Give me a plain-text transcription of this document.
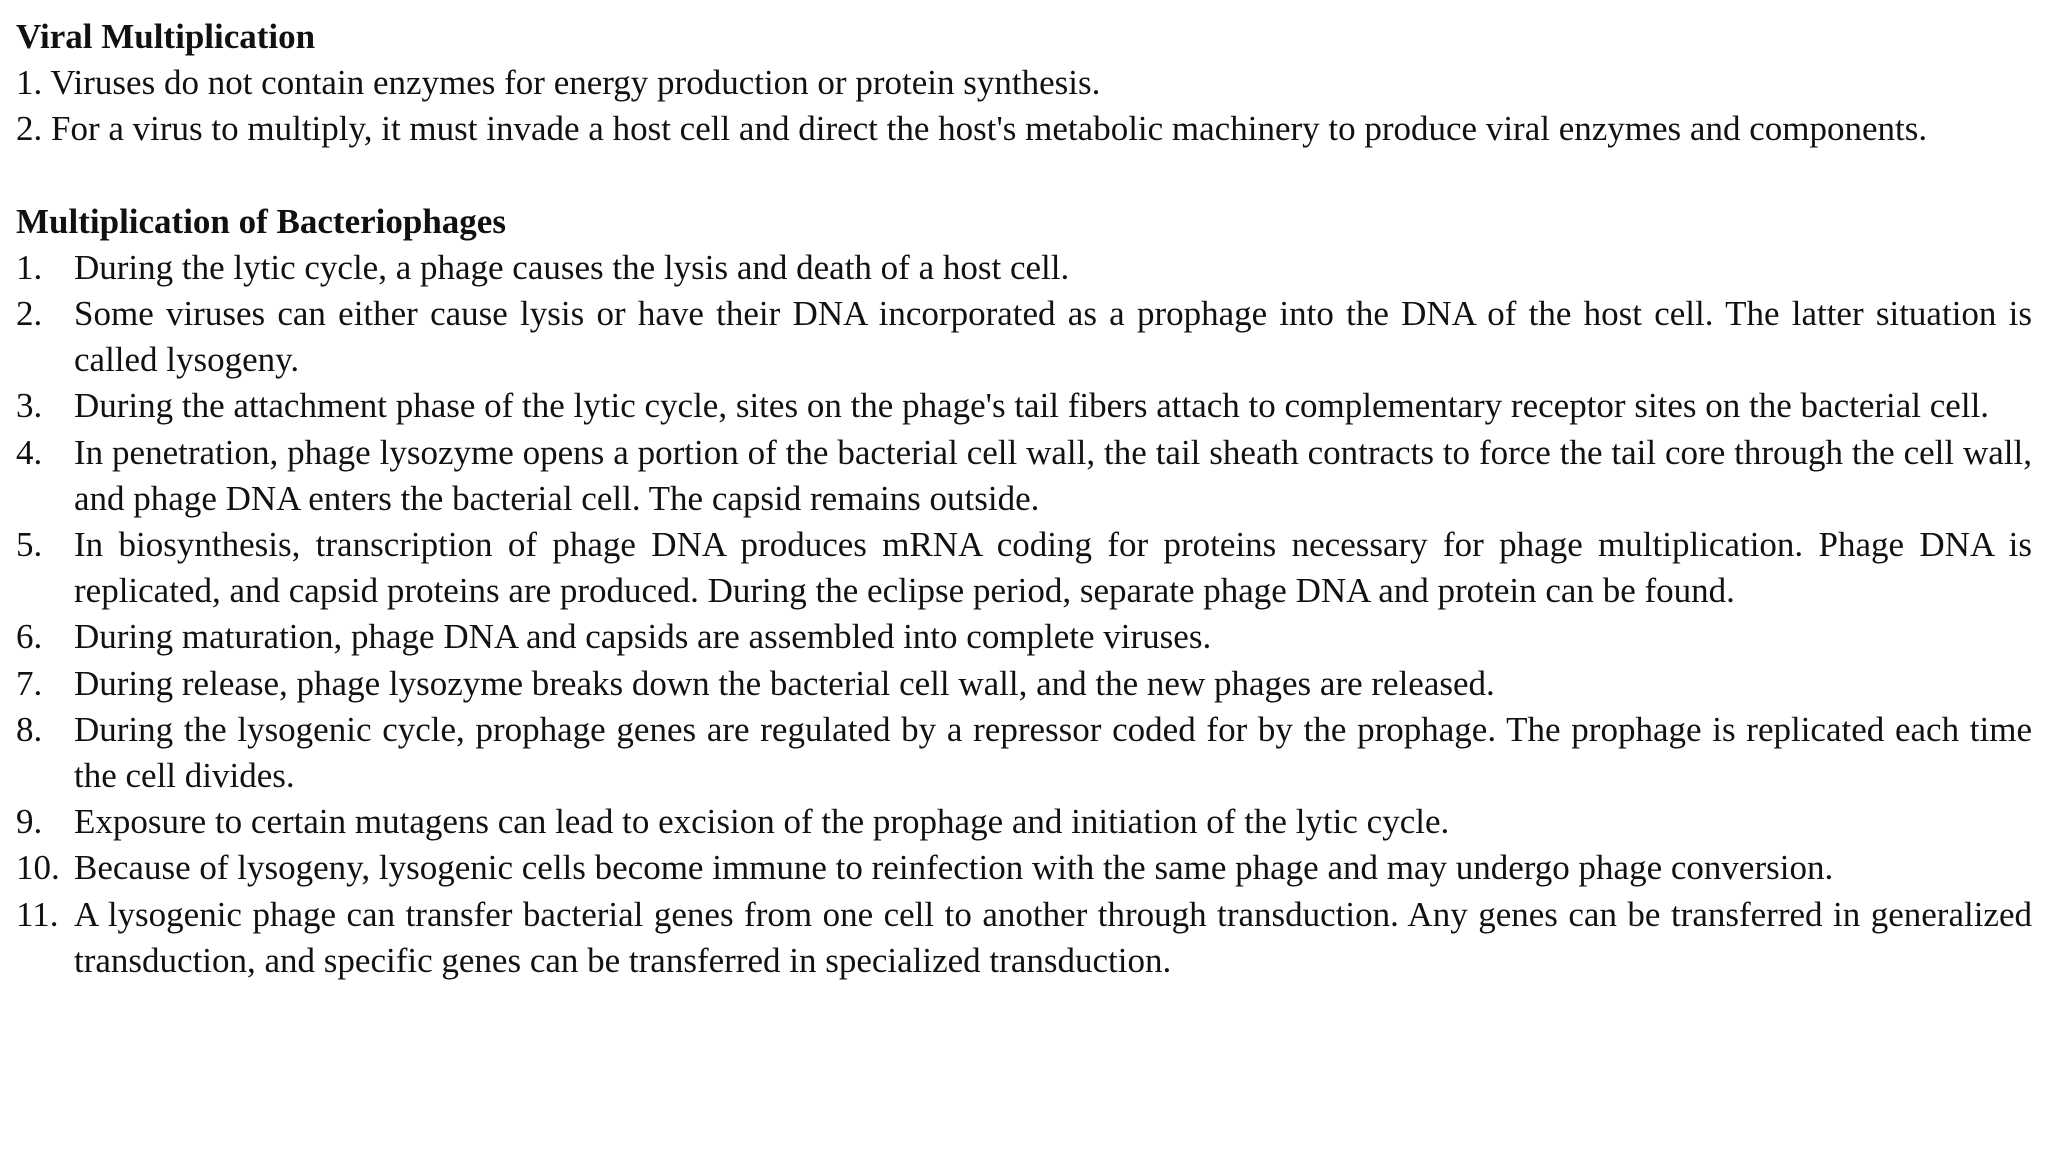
Viral Multiplication
1. Viruses do not contain enzymes for energy production or protein synthesis.
2. For a virus to multiply, it must invade a host cell and direct the host's metabolic machinery to produce viral enzymes and components.
Multiplication of Bacteriophages
1. During the lytic cycle, a phage causes the lysis and death of a host cell.
2. Some viruses can either cause lysis or have their DNA incorporated as a prophage into the DNA of the host cell. The latter situation is called lysogeny.
3. During the attachment phase of the lytic cycle, sites on the phage's tail fibers attach to complementary receptor sites on the bacterial cell.
4. In penetration, phage lysozyme opens a portion of the bacterial cell wall, the tail sheath contracts to force the tail core through the cell wall, and phage DNA enters the bacterial cell. The capsid remains outside.
5. In biosynthesis, transcription of phage DNA produces mRNA coding for proteins necessary for phage multiplication. Phage DNA is replicated, and capsid proteins are produced. During the eclipse period, separate phage DNA and protein can be found.
6. During maturation, phage DNA and capsids are assembled into complete viruses.
7. During release, phage lysozyme breaks down the bacterial cell wall, and the new phages are released.
8. During the lysogenic cycle, prophage genes are regulated by a repressor coded for by the prophage. The prophage is replicated each time the cell divides.
9. Exposure to certain mutagens can lead to excision of the prophage and initiation of the lytic cycle.
10. Because of lysogeny, lysogenic cells become immune to reinfection with the same phage and may undergo phage conversion.
11. A lysogenic phage can transfer bacterial genes from one cell to another through transduction. Any genes can be transferred in generalized transduction, and specific genes can be transferred in specialized transduction.
